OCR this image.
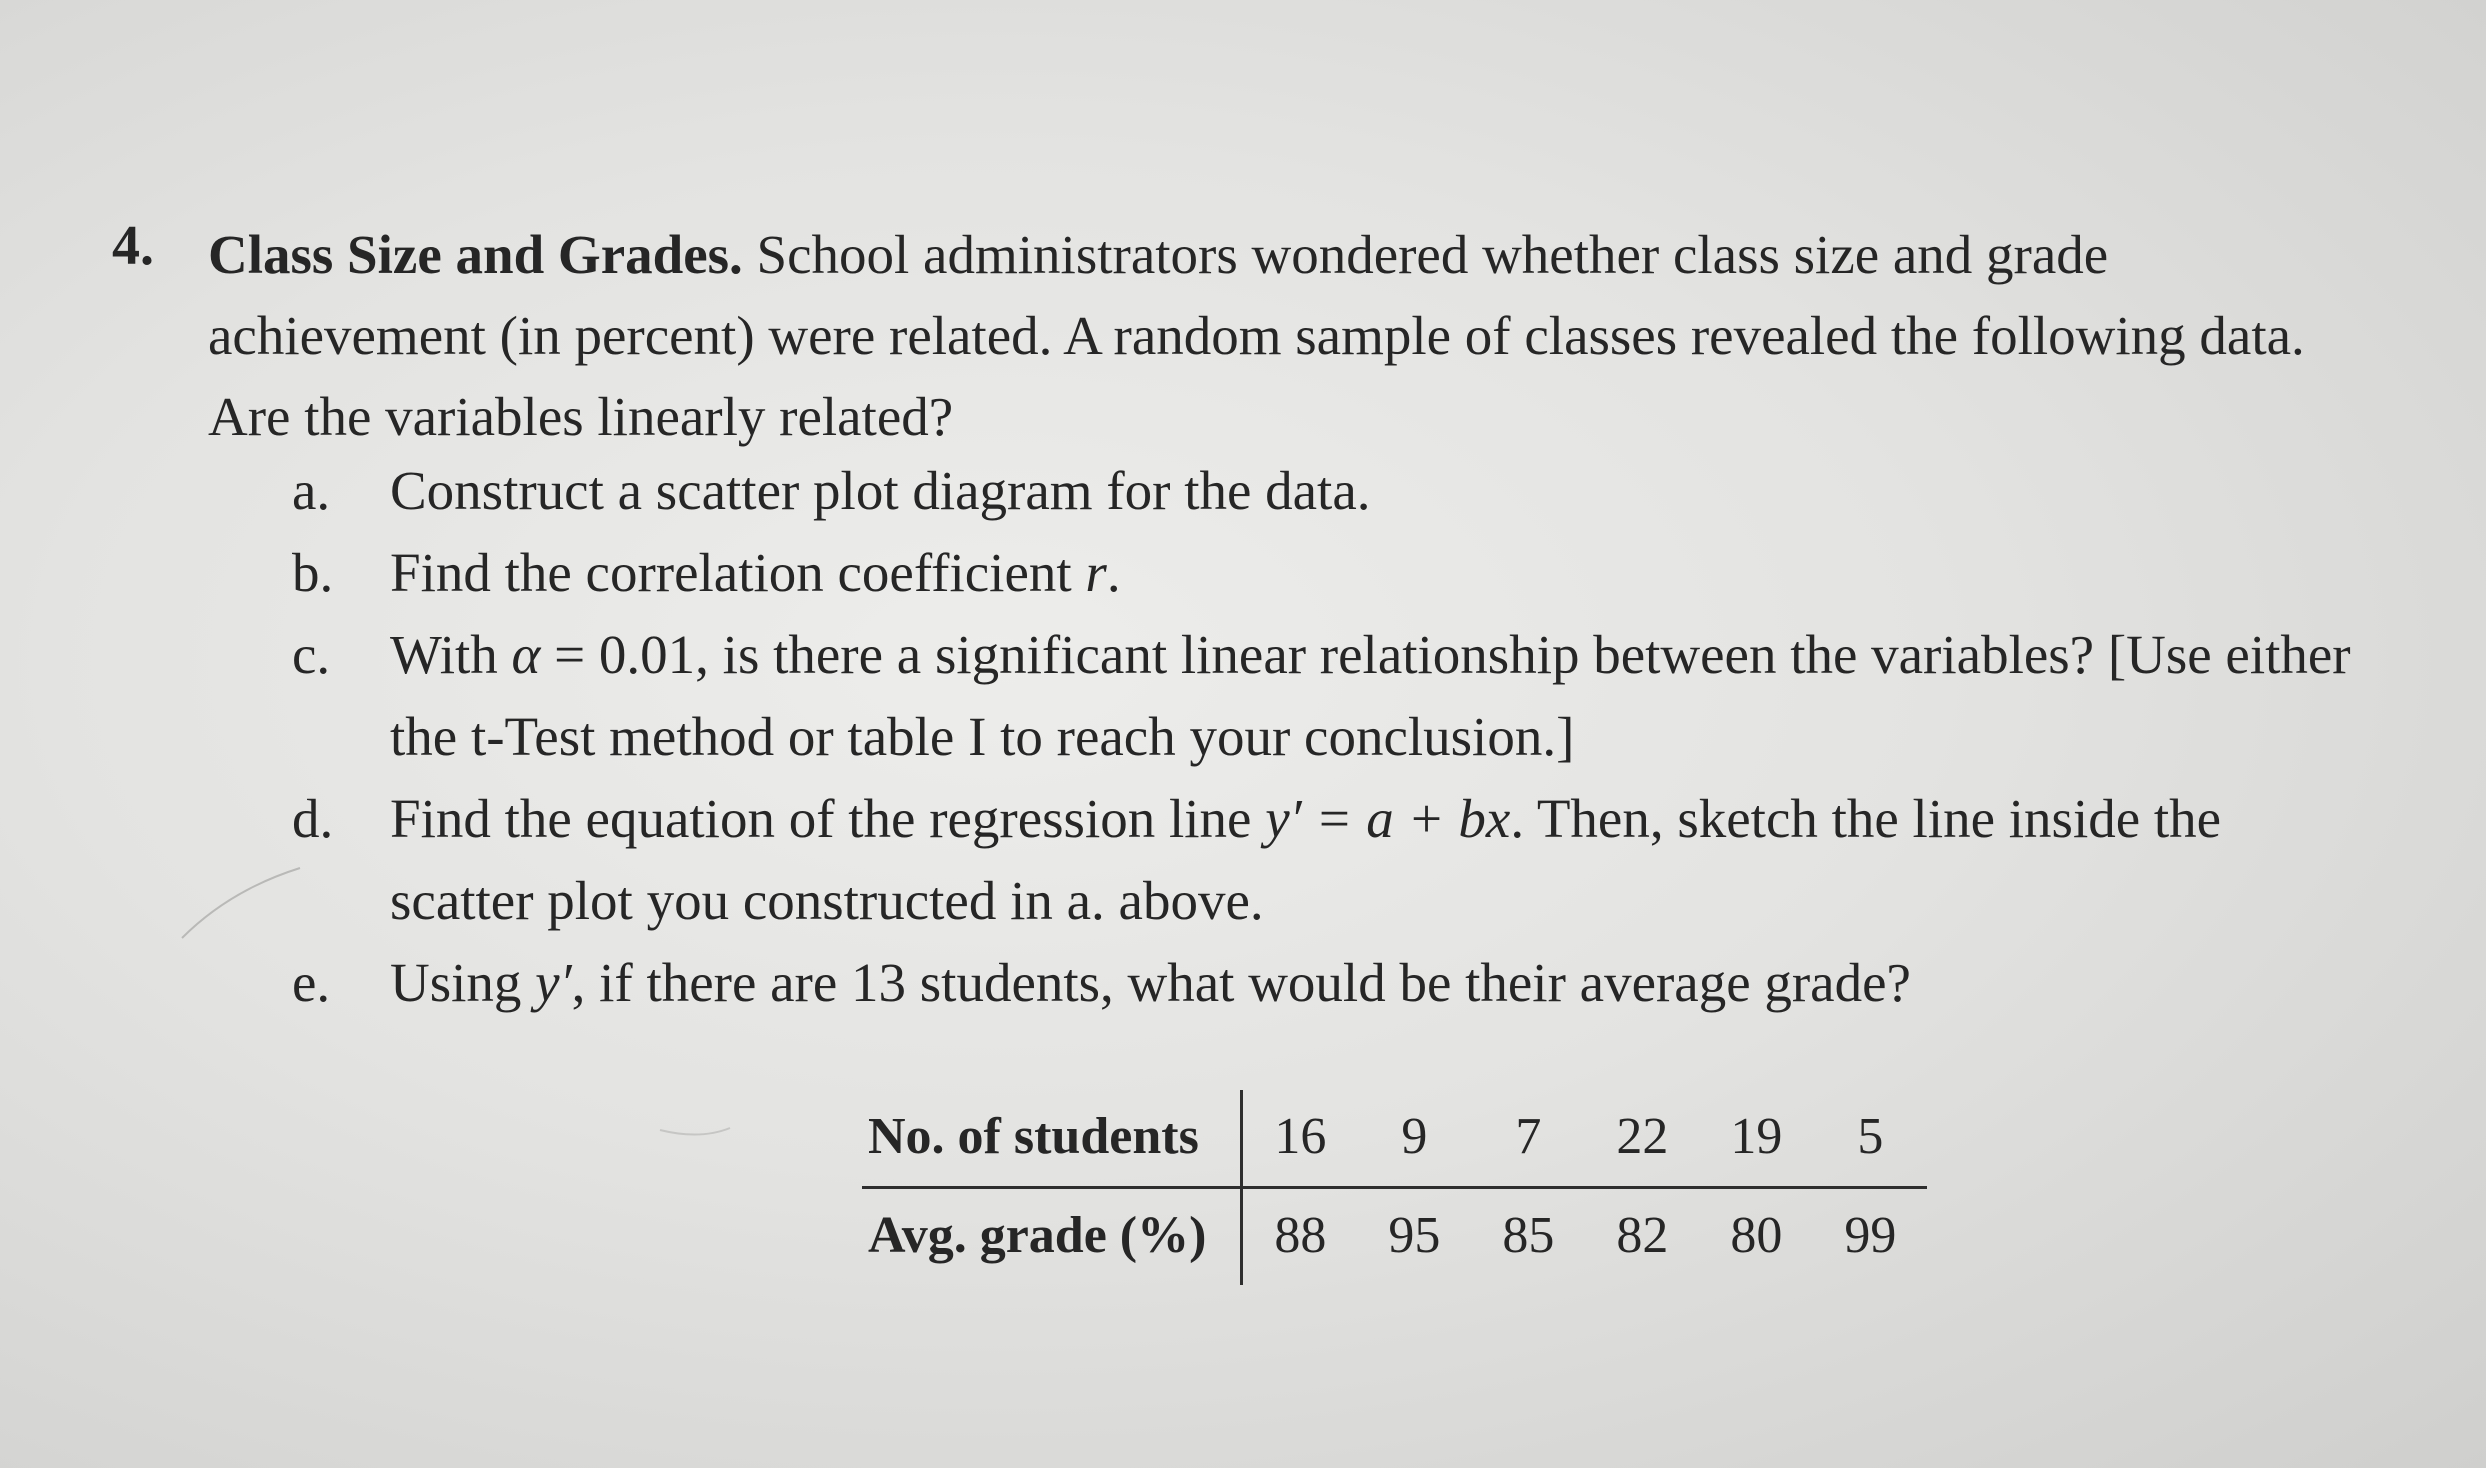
4. Class Size and Grades. School administrators wondered whether class size and grade achievement (in percent) were related. A random sample of classes revealed the following data. Are the variables linearly related?
a. Construct a scatter plot diagram for the data.
b. Find the correlation coefficient r.
c. With α = 0.01, is there a significant linear relationship between the variables? [Use either the t-Test method or table I to reach your conclusion.]
d. Find the equation of the regression line y′ = a + bx. Then, sketch the line inside the scatter plot you constructed in a. above.
e. Using y′, if there are 13 students, what would be their average grade?
No. of students	16	9	7	22	19	5
Avg. grade (%)	88	95	85	82	80	99
